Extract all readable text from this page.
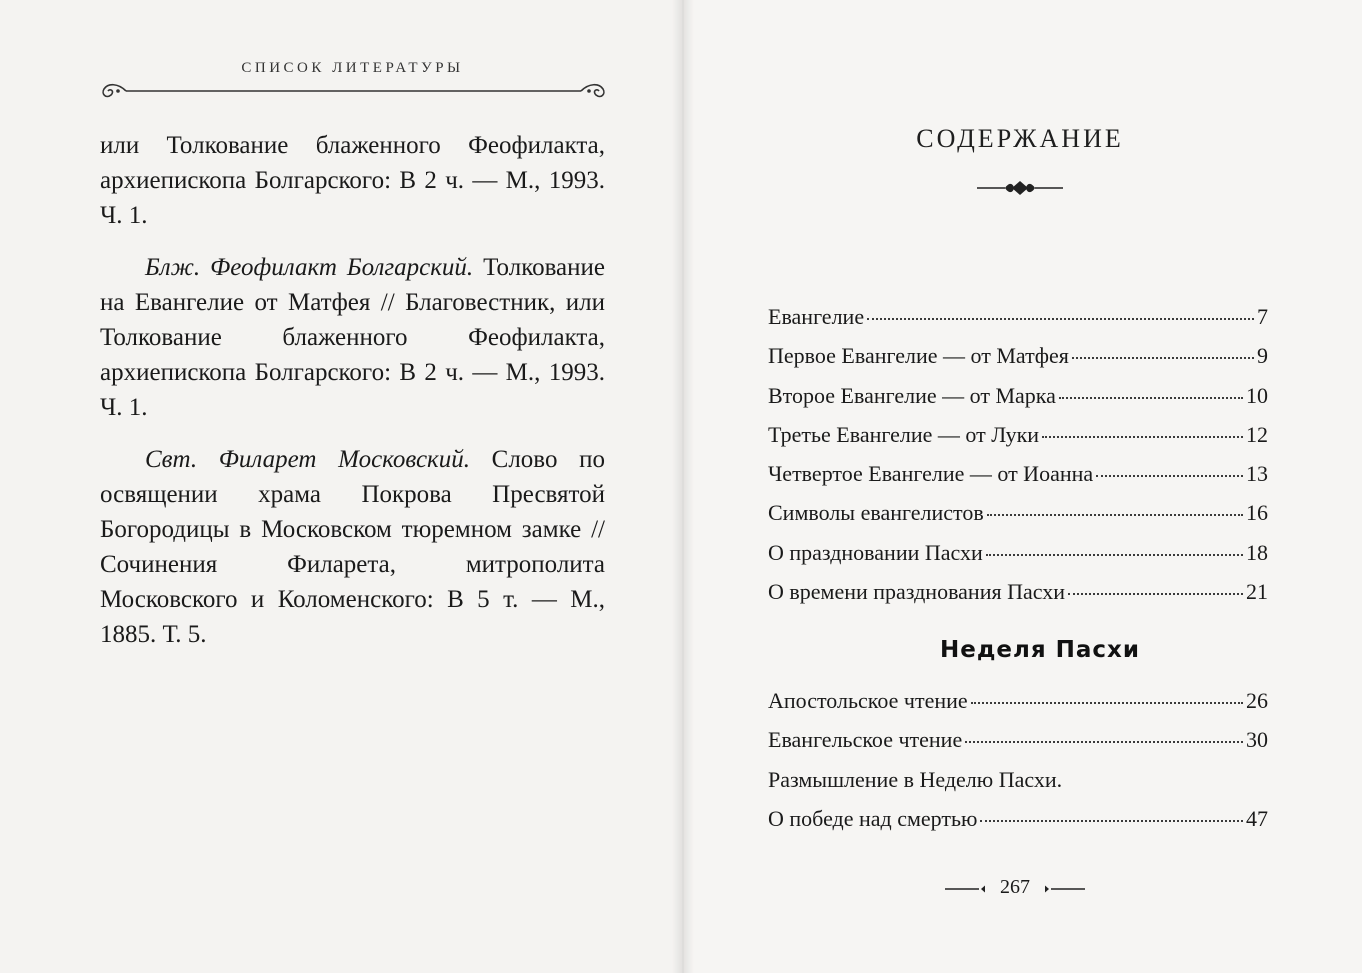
СПИСОК ЛИТЕРАТУРЫ

или Толкование блаженного Феофилакта, архиепископа Болгарского: В 2 ч. — М., 1993. Ч. 1.

Блж. Феофилакт Болгарский. Толкование на Евангелие от Матфея // Благовестник, или Толкование блаженного Феофилакта, архиепископа Болгарского: В 2 ч. — М., 1993. Ч. 1.

Свт. Филарет Московский. Слово по освящении храма Покрова Пресвятой Богородицы в Московском тюремном замке // Сочинения Филарета, митрополита Московского и Коломенского: В 5 т. — М., 1885. Т. 5.

СОДЕРЖАНИЕ
Евангелие	7
Первое Евангелие — от Матфея	9
Второе Евангелие — от Марка	10
Третье Евангелие — от Луки	12
Четвертое Евангелие — от Иоанна	13
Символы евангелистов	16
О праздновании Пасхи	18
О времени празднования Пасхи	21
Неделя Пасхи
Апостольское чтение	26
Евангельское чтение	30
Размышление в Неделю Пасхи.
О победе над смертью	47
267
